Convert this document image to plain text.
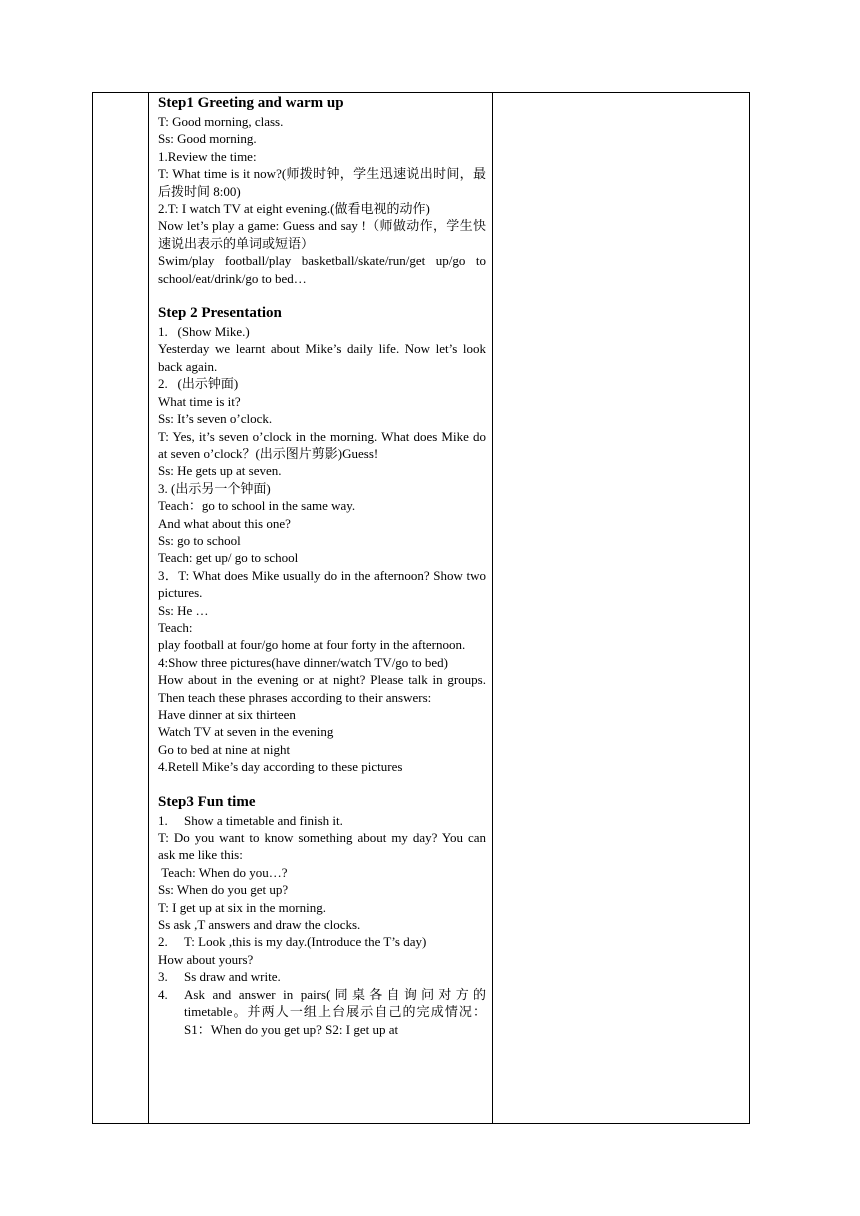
Step1 Greeting and warm up

T: Good morning, class.

Ss: Good morning.

1.Review the time:

T: What time is it now?(师拨时钟，学生迅速说出时间，最后拨时间 8:00)

2.T: I watch TV at eight evening.(做看电视的动作)

Now let’s play a game: Guess and say !（师做动作，学生快速说出表示的单词或短语）

Swim/play football/play basketball/skate/run/get up/go to school/eat/drink/go to bed…

Step 2 Presentation

1.   (Show Mike.)

Yesterday we learnt about Mike’s daily life. Now let’s look back again.

2.   (出示钟面)

What time is it?

Ss: It’s seven o’clock.

T: Yes, it’s seven o’clock in the morning. What does Mike do at seven o’clock？(出示图片剪影)Guess!

Ss: He gets up at seven.

3. (出示另一个钟面)

Teach：go to school in the same way.

And what about this one?

Ss: go to school

Teach: get up/ go to school

3．T: What does Mike usually do in the afternoon? Show two pictures.

Ss: He …

Teach:

play football at four/go home at four forty in the afternoon.

4:Show three pictures(have dinner/watch TV/go to bed)

How about in the evening or at night? Please talk in groups. Then teach these phrases according to their answers:

Have dinner at six thirteen

Watch TV at seven in the evening

Go to bed at nine at night

4.Retell Mike’s day according to these pictures

Step3 Fun time

1. Show a timetable and finish it.

T: Do you want to know something about my day? You can ask me like this:

Teach: When do you…?

Ss: When do you get up?

T: I get up at six in the morning.

Ss ask ,T answers and draw the clocks.

2. T: Look ,this is my day.(Introduce the T’s day)

How about yours?

3. Ss draw and write.

4. Ask and answer in pairs(同桌各自询问对方的timetable。并两人一组上台展示自己的完成情况：S1：When do you get up? S2: I get up at
